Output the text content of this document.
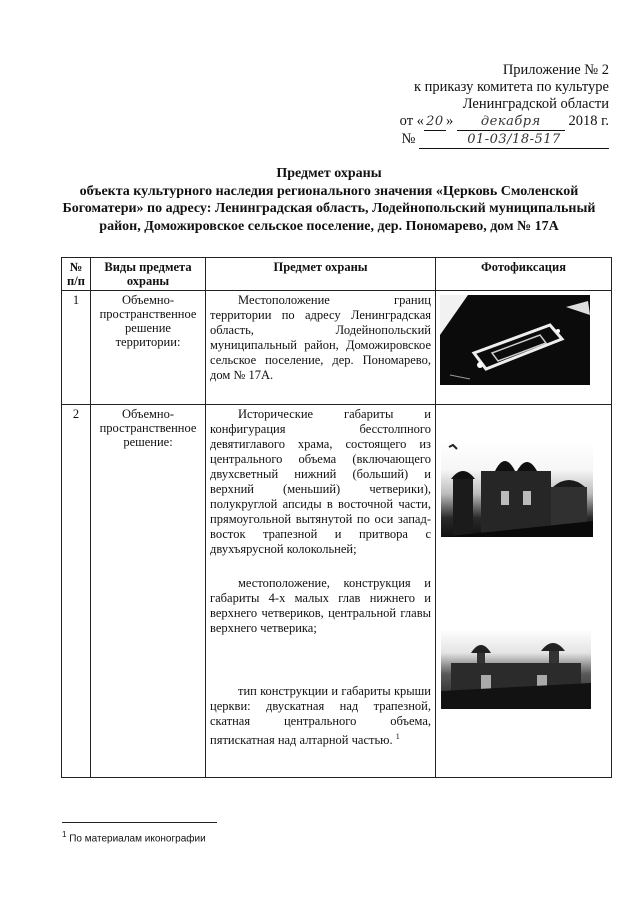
Приложение № 2
к приказу комитета по культуре
Ленинградской области
от « 20 » декабря 2018 г.
№	01-03/18-517
Предмет охраны
объекта культурного наследия регионального значения «Церковь Смоленской Богоматери» по адресу: Ленинградская область, Лодейнопольский муниципальный район, Доможировское сельское поселение, дер. Пономарево, дом № 17А
№ п/п	Виды предмета охраны	Предмет охраны	Фотофиксация
1	Объемно-пространственное решение территории:	Местоположение границ территории по адресу Ленинградская область, Лодейнопольский муниципальный район, Доможировское сельское поселение, дер. Пономарево, дом № 17А.

2	Объемно-пространственное решение:	Исторические габариты и конфигурация бесстолпного девятиглавого храма, состоящего из центрального объема (включающего двухсветный нижний (больший) и верхний (меньший) четверики), полукруглой апсиды в восточной части, прямоугольной вытянутой по оси запад-восток трапезной и притвора с двухъярусной колокольней;

местоположение, конструкция и габариты 4-х малых глав нижнего и верхнего четвериков, центральной главы верхнего четверика;

тип конструкции и габариты крыши церкви: двускатная над трапезной, скатная центрального объема, пятискатная над алтарной частью. $^1$

$^1$ По материалам иконографии
